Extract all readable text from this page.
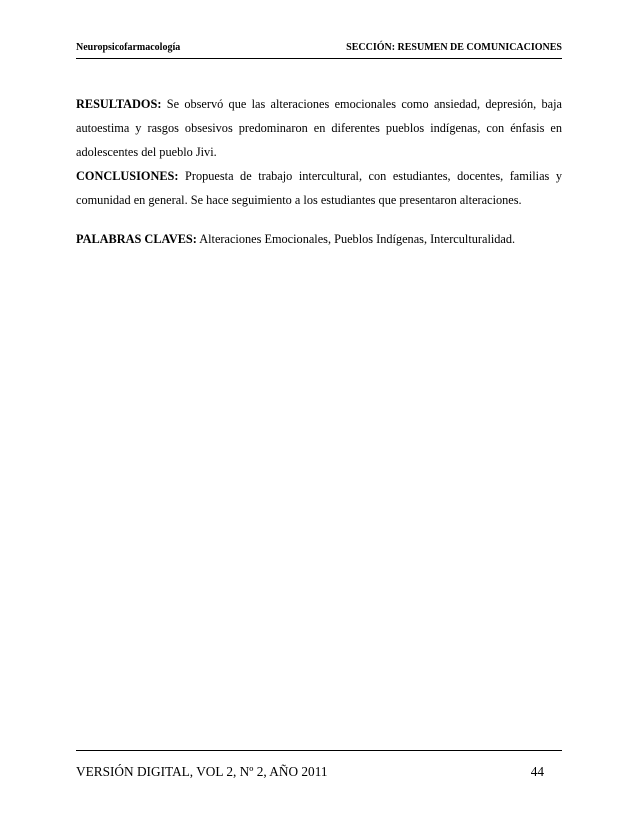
Neuropsicofarmacología	SECCIÓN: RESUMEN DE COMUNICACIONES

RESULTADOS: Se observó que las alteraciones emocionales como ansiedad, depresión, baja autoestima y rasgos obsesivos predominaron en diferentes pueblos indígenas, con énfasis en adolescentes del pueblo Jivi.

CONCLUSIONES: Propuesta de trabajo intercultural, con estudiantes, docentes, familias y comunidad en general. Se hace seguimiento a los estudiantes que presentaron alteraciones.

PALABRAS CLAVES: Alteraciones Emocionales, Pueblos Indígenas, Interculturalidad.

VERSIÓN DIGITAL, VOL 2, Nº 2, AÑO 2011	44
